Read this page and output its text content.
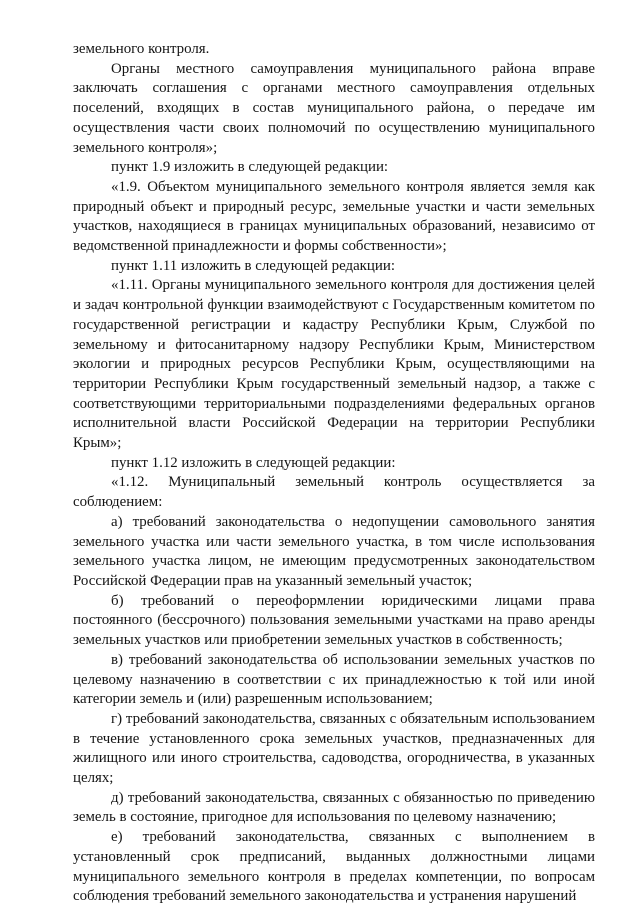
земельного контроля.

Органы местного самоуправления муниципального района вправе заключать соглашения с органами местного самоуправления отдельных поселений, входящих в состав муниципального района, о передаче им осуществления части своих полномочий по осуществлению муниципального земельного контроля»;

пункт 1.9 изложить в следующей редакции:

«1.9. Объектом муниципального земельного контроля является земля как природный объект и природный ресурс, земельные участки и части земельных участков, находящиеся в границах муниципальных образований, независимо от ведомственной принадлежности и формы собственности»;

пункт 1.11 изложить в следующей редакции:

«1.11. Органы муниципального земельного контроля для достижения целей и задач контрольной функции взаимодействуют с Государственным комитетом по государственной регистрации и кадастру Республики Крым, Службой по земельному и фитосанитарному надзору Республики Крым, Министерством экологии и природных ресурсов Республики Крым, осуществляющими на территории Республики Крым государственный земельный надзор, а также с соответствующими территориальными подразделениями федеральных органов исполнительной власти Российской Федерации на территории Республики Крым»;

пункт 1.12 изложить в следующей редакции:

«1.12. Муниципальный земельный контроль осуществляется за соблюдением:

а) требований законодательства о недопущении самовольного занятия земельного участка или части земельного участка, в том числе использования земельного участка лицом, не имеющим предусмотренных законодательством Российской Федерации прав на указанный земельный участок;

б) требований о переоформлении юридическими лицами права постоянного (бессрочного) пользования земельными участками на право аренды земельных участков или приобретении земельных участков в собственность;

в) требований законодательства об использовании земельных участков по целевому назначению в соответствии с их принадлежностью к той или иной категории земель и (или) разрешенным использованием;

г) требований законодательства, связанных с обязательным использованием в течение установленного срока земельных участков, предназначенных для жилищного или иного строительства, садоводства, огородничества, в указанных целях;

д) требований законодательства, связанных с обязанностью по приведению земель в состояние, пригодное для использования по целевому назначению;

е) требований законодательства, связанных с выполнением в установленный срок предписаний, выданных должностными лицами муниципального земельного контроля в пределах компетенции, по вопросам соблюдения требований земельного законодательства и устранения нарушений
